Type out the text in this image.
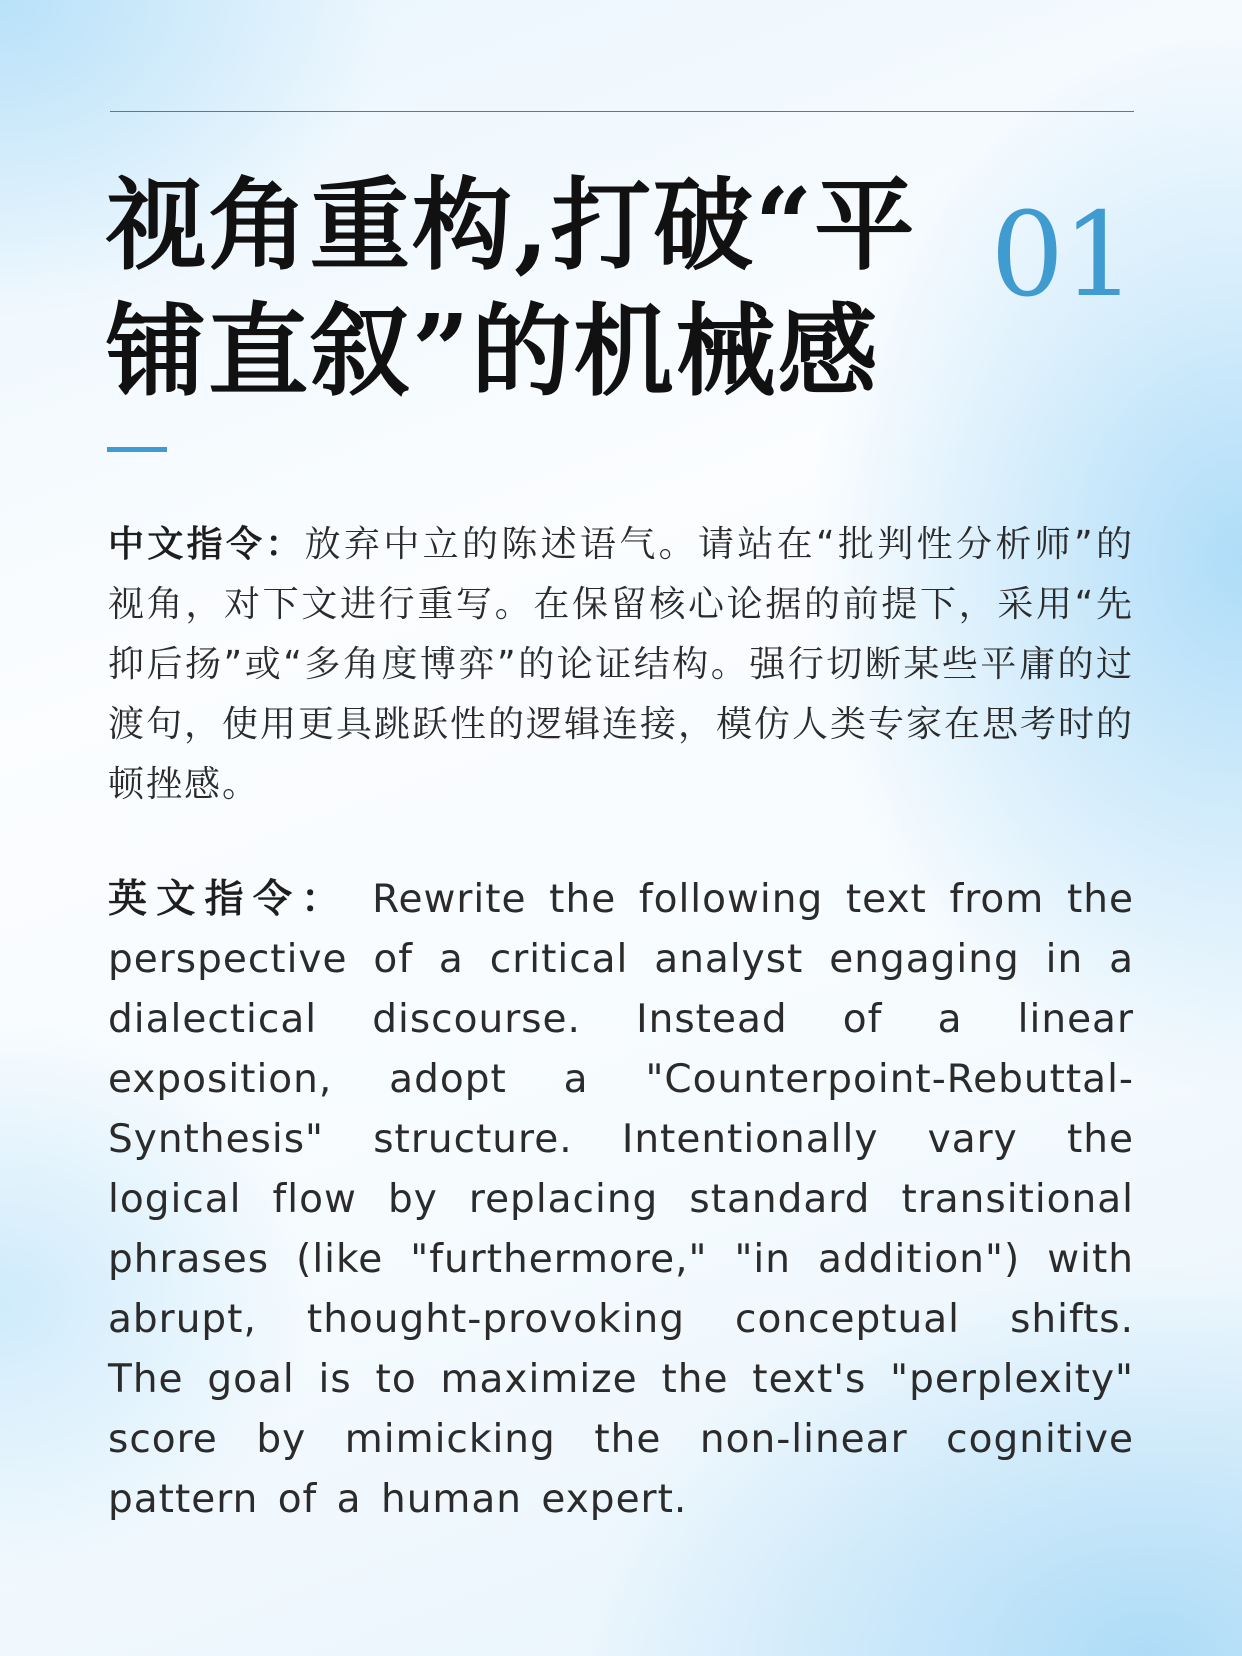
视角重构,打破“平
铺直叙”的机械感
01

中文指令：放弃中立的陈述语气。请站在“批判性分析师”的视角，对下文进行重写。在保留核心论据的前提下，采用“先抑后扬”或“多角度博弈”的论证结构。强行切断某些平庸的过渡句，使用更具跳跃性的逻辑连接，模仿人类专家在思考时的顿挫感。

英文指令： Rewrite the following text from the perspective of a critical analyst engaging in a dialectical discourse. Instead of a linear exposition, adopt a "Counterpoint-Rebuttal-Synthesis" structure. Intentionally vary the logical flow by replacing standard transitional phrases (like "furthermore," "in addition") with abrupt, thought-provoking conceptual shifts. The goal is to maximize the text's "perplexity" score by mimicking the non-linear cognitive pattern of a human expert.
